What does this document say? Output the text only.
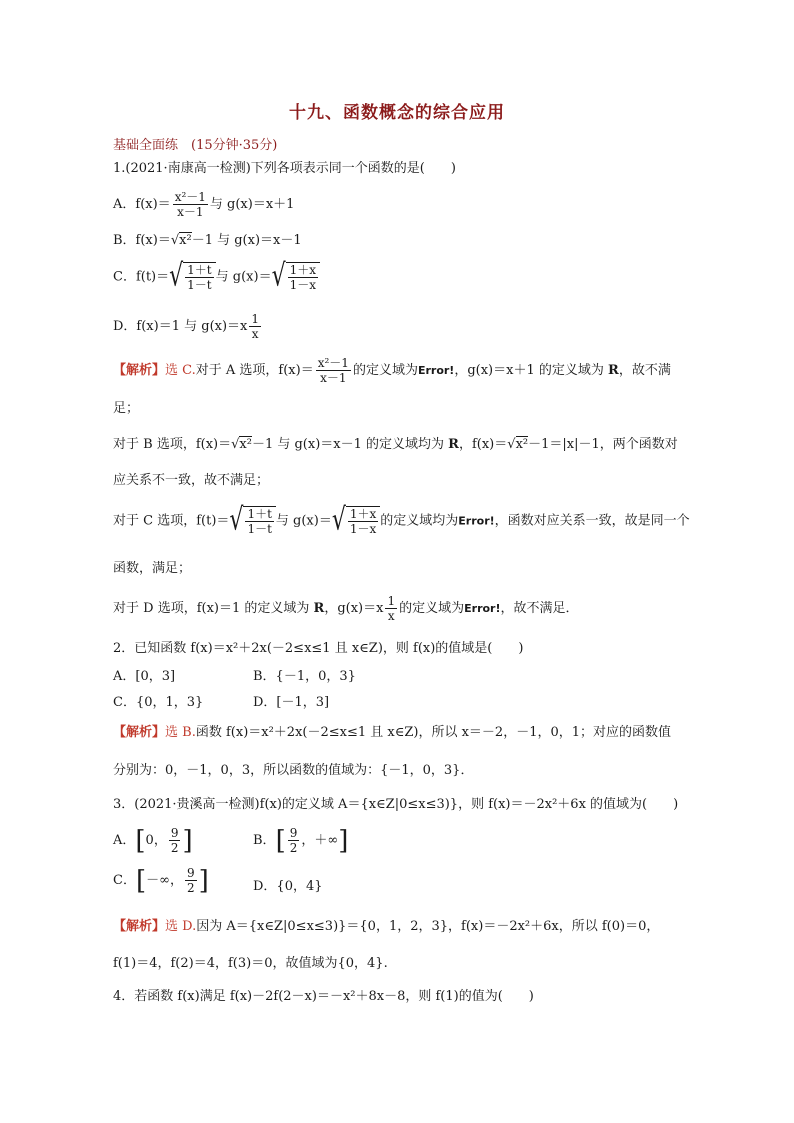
十九、函数概念的综合应用
基础全面练　(15分钟·35分)
1.(2021·南康高一检测)下列各项表示同一个函数的是(　　)
A．$f(x)= \frac{\text{x²－1}}{x-1}$ 与 g(x)＝x＋1
B．f(x)＝√x²－1 与 g(x)＝x－1
C．$f(t)=√ \frac{1+t}{1-t}$ 与 $g(x)=√ \frac{1+x}{1-x}$
D．f(x)＝1 与 $g(x)=x \frac{1}{x}$
【解析】选 C.对于 A 选项，$f(x)= \frac{\text{x²－1}}{x-1}$ 的定义域为Error!，g(x)＝x＋1 的定义域为 R，故不满
足；
对于 B 选项，f(x)＝√x²－1 与 g(x)＝x－1 的定义域均为 R，f(x)＝√x²－1＝|x|－1，两个函数对
应关系不一致，故不满足；
对于 C 选项，$f(t)=√ \frac{1+t}{1-t}$ 与 $g(x)=√ \frac{1+x}{1-x}$ 的定义域均为Error!，函数对应关系一致，故是同一个
函数，满足；
对于 D 选项，f(x)＝1 的定义域为 R，$g(x)=x \frac{1}{x}$ 的定义域为Error!，故不满足．
2．已知函数 f(x)＝x²＋2x(－2≤x≤1 且 x∈Z)，则 f(x)的值域是(　　)
A．[0，3]	B．{－1，0，3}
C．{0，1，3}	D．[－1，3]
【解析】选 B.函数 f(x)＝x²＋2x(－2≤x≤1 且 x∈Z)，所以 x＝－2，－1，0，1；对应的函数值
分别为：0，－1，0，3，所以函数的值域为：{－1，0，3}．
3．(2021·贵溪高一检测)f(x)的定义域 A＝{x∈Z|0≤x≤3)}，则 f(x)＝－2x²＋6x 的值域为(　　)
A．[0， $\frac{9}{2}$ ]	B．[ $\frac{9}{2}$ ，＋∞]
C．[－∞， $\frac{9}{2}$ ]	D．{0，4}
【解析】选 D.因为 A＝{x∈Z|0≤x≤3)}＝{0，1，2，3}，f(x)＝－2x²＋6x，所以 f(0)＝0，
f(1)＝4，f(2)＝4，f(3)＝0，故值域为{0，4}.
4．若函数 f(x)满足 f(x)－2f(2－x)＝－x²＋8x－8，则 f(1)的值为(　　)
